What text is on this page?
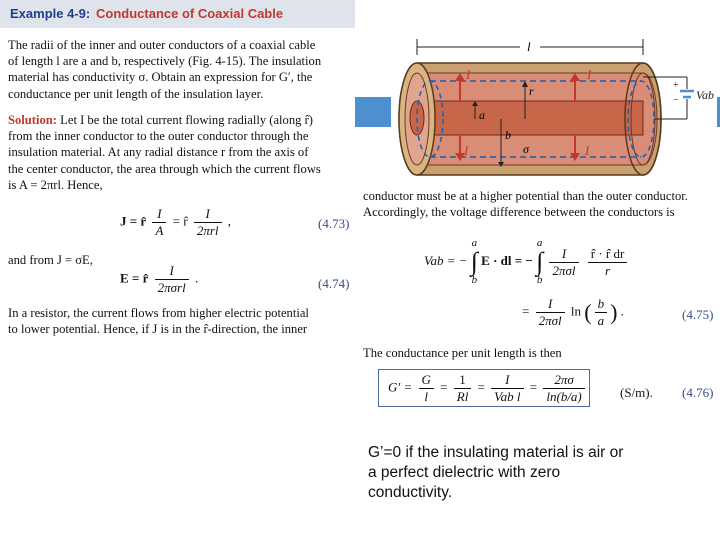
Example 4-9: Conductance of Coaxial Cable
The radii of the inner and outer conductors of a coaxial cable
of length l are a and b, respectively (Fig. 4-15). The insulation
material has conductivity σ. Obtain an expression for G′, the
conductance per unit length of the insulation layer.
Solution: Let I be the total current flowing radially (along r̂)
from the inner conductor to the outer conductor through the
insulation material. At any radial distance r from the axis of
the center conductor, the area through which the current flows
is A = 2πrl. Hence,
J = r̂ $\frac{I}{A}$ = r̂ $\frac{I}{\text{2πrl}}$ ,	(4.73)
and from J = σE,
E = r̂ $\frac{I}{\text{2πσrl}}$ .	(4.74)
In a resistor, the current flows from higher electric potential
to lower potential. Hence, if J is in the r̂-direction, the inner
l
I	I
I	I
r
a
b
σ
+
− Vab
conductor must be at a higher potential than the outer conductor.
Accordingly, the voltage difference between the conductors is
Vab = −
a
∫
b
E · dl = −
a
∫
b

$\frac{I}{\text{2πσl}}$
$\frac{r̂ \cdot r̂ dr}{r}$
= $\frac{I}{\text{2πσl}}$ ln ( $\frac{b}{a}$ ) .	(4.75)
The conductance per unit length is then
$G' = \frac{G}{l} = \frac{1}{Rl} = \frac{I}{\text{Vab l}} = \frac{2\pi\sigma}{\ln(b/a)}$	(S/m). (4.76)
G’=0 if the insulating material is air or
a perfect dielectric with zero
conductivity.
